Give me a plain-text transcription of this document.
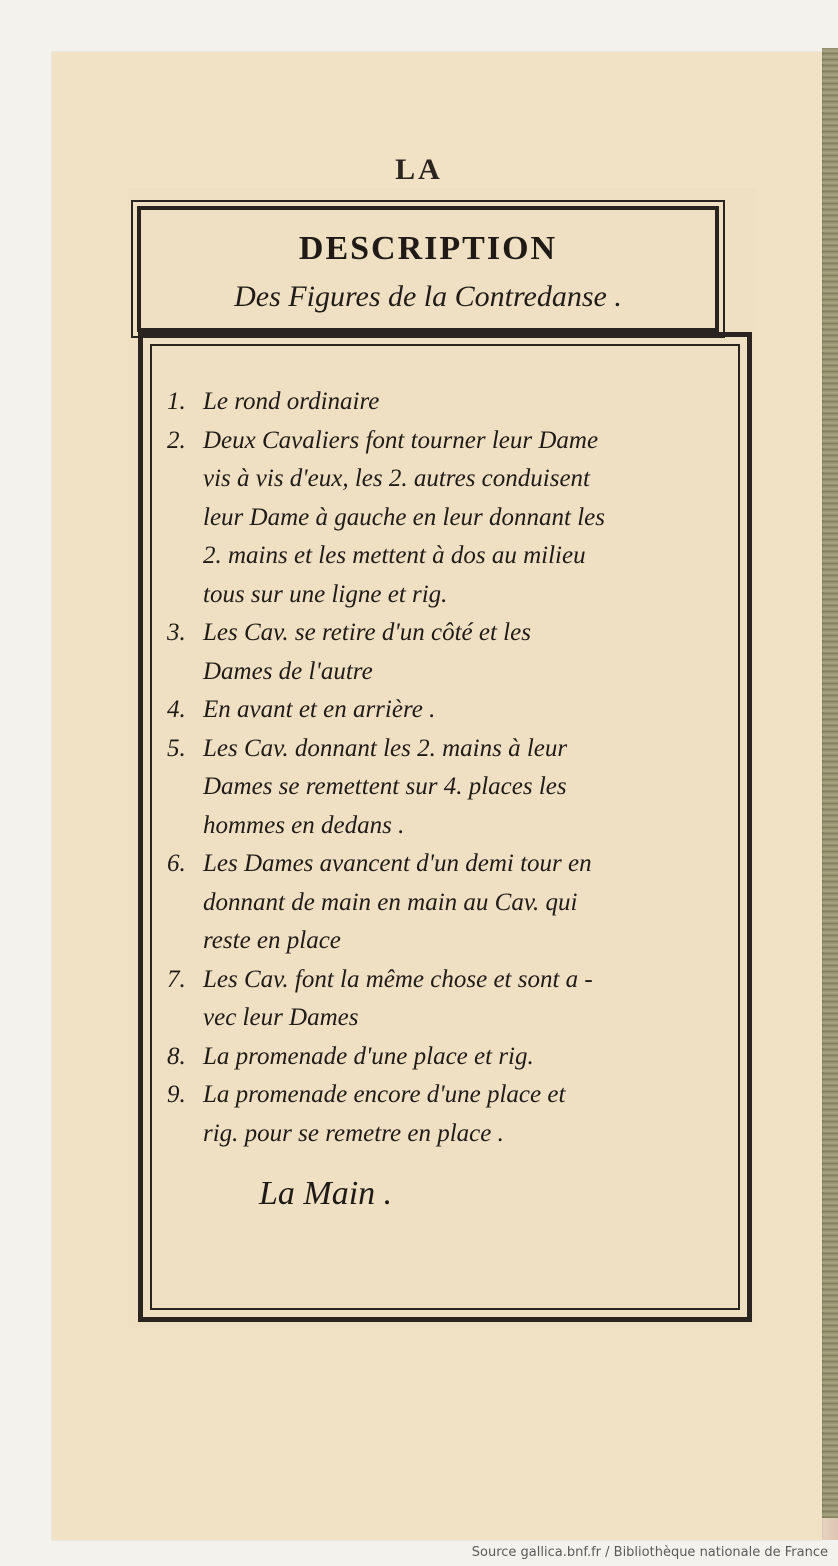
LA
DESCRIPTION
Des Figures de la Contredanse .
1. Le rond ordinaire
2. Deux Cavaliers font tourner leur Dame
vis à vis d'eux, les 2. autres conduisent
leur Dame à gauche en leur donnant les
2. mains et les mettent à dos au milieu
tous sur une ligne et rig.
3. Les Cav. se retire d'un côté et les
Dames de l'autre
4. En avant et en arrière .
5. Les Cav. donnant les 2. mains à leur
Dames se remettent sur 4. places les
hommes en dedans .
6. Les Dames avancent d'un demi tour en
donnant de main en main au Cav. qui
reste en place
7. Les Cav. font la même chose et sont a -
vec leur Dames
8. La promenade d'une place et rig.
9. La promenade encore d'une place et
rig. pour se remetre en place .
La Main .
Source gallica.bnf.fr / Bibliothèque nationale de France
